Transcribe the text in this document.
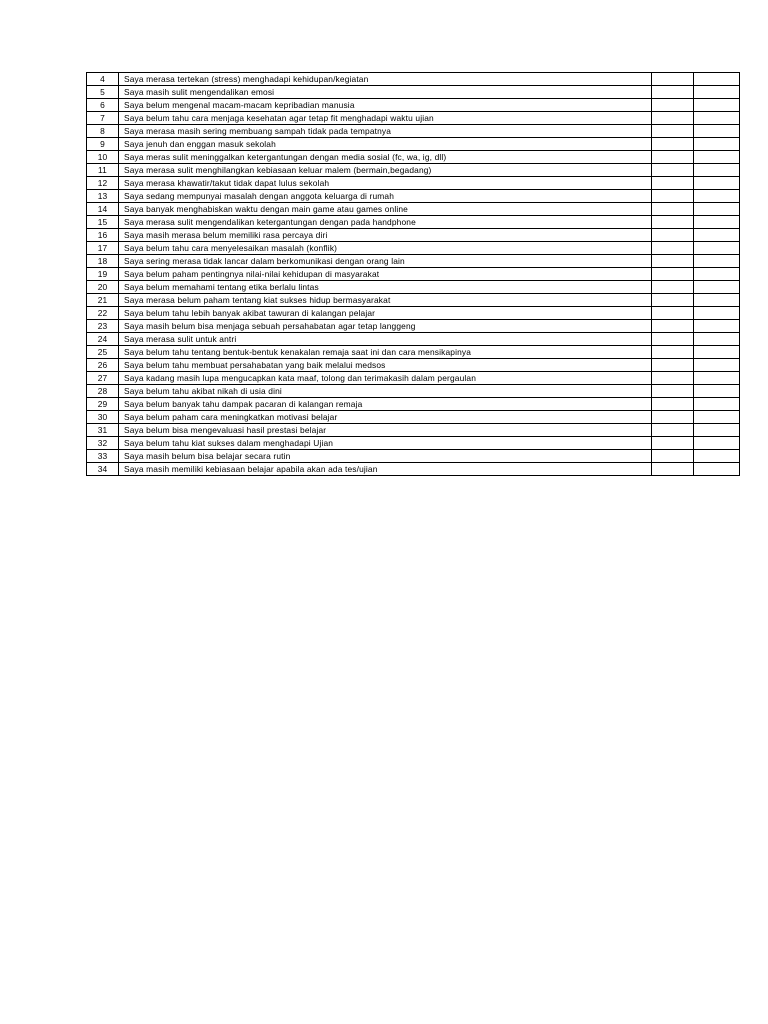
4	Saya merasa tertekan (stress) menghadapi kehidupan/kegiatan		
5	Saya masih sulit mengendalikan emosi		
6	Saya belum mengenal macam-macam kepribadian manusia		
7	Saya belum tahu cara menjaga kesehatan agar tetap fit menghadapi waktu ujian		
8	Saya merasa masih sering membuang sampah tidak pada tempatnya		
9	Saya jenuh dan enggan masuk sekolah		
10	Saya meras sulit meninggalkan ketergantungan dengan media sosial (fc, wa, ig, dll)		
11	Saya merasa sulit menghilangkan kebiasaan keluar malem (bermain,begadang)		
12	Saya merasa khawatir/takut tidak dapat lulus sekolah		
13	Saya sedang mempunyai masalah dengan anggota keluarga di rumah		
14	Saya banyak menghabiskan waktu dengan main game atau games online		
15	Saya merasa sulit mengendalikan ketergantungan dengan pada handphone		
16	Saya masih merasa belum memiliki rasa percaya diri		
17	Saya belum tahu cara menyelesaikan masalah (konflik)		
18	Saya sering merasa tidak lancar dalam berkomunikasi dengan orang lain		
19	Saya belum paham pentingnya nilai-nilai kehidupan di masyarakat		
20	Saya belum memahami tentang etika berlalu lintas		
21	Saya merasa belum paham tentang kiat sukses hidup bermasyarakat		
22	Saya belum tahu lebih banyak akibat tawuran di kalangan pelajar		
23	Saya masih belum bisa menjaga sebuah persahabatan agar tetap langgeng		
24	Saya merasa sulit untuk antri		
25	Saya belum tahu tentang bentuk-bentuk kenakalan remaja saat ini dan cara mensikapinya		
26	Saya belum tahu membuat persahabatan yang baik melalui medsos		
27	Saya kadang masih lupa mengucapkan kata maaf, tolong dan terimakasih dalam pergaulan		
28	Saya belum tahu akibat nikah di usia dini		
29	Saya belum banyak tahu dampak pacaran di kalangan remaja		
30	Saya belum paham cara meningkatkan motivasi belajar		
31	Saya belum bisa mengevaluasi hasil prestasi belajar		
32	Saya belum tahu kiat sukses dalam menghadapi Ujian		
33	Saya masih belum bisa belajar secara rutin		
34	Saya masih memiliki kebiasaan belajar apabila akan ada tes/ujian		
